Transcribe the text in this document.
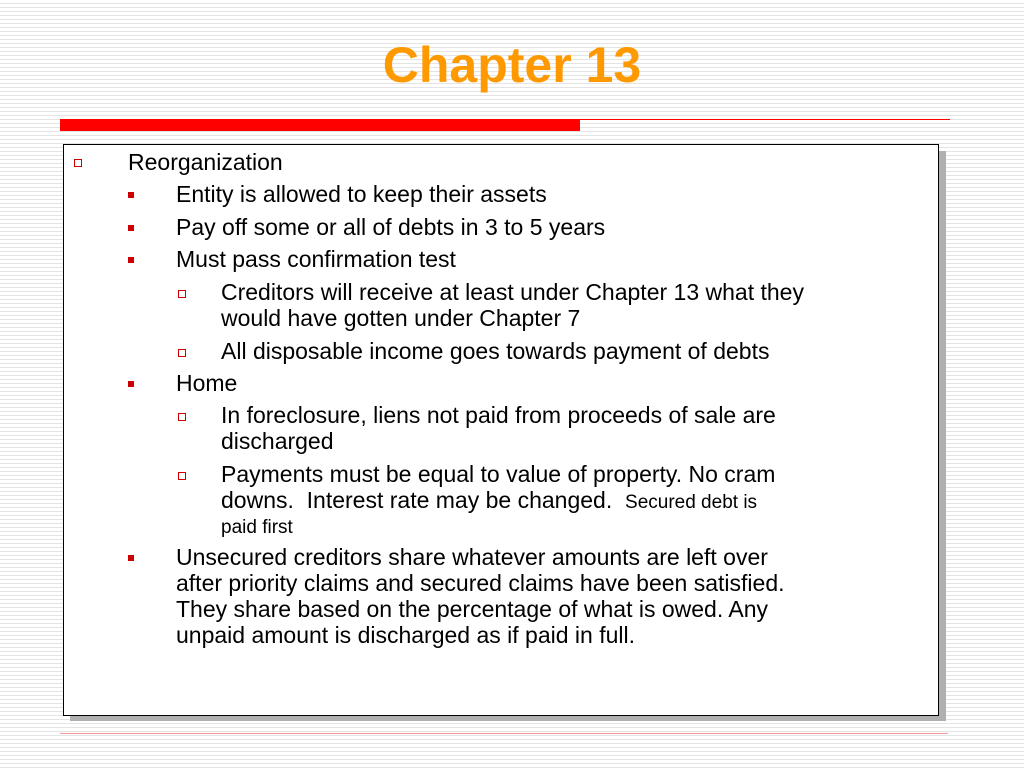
Chapter 13
Reorganization
Entity is allowed to keep their assets
Pay off some or all of debts in 3 to 5 years
Must pass confirmation test
Creditors will receive at least under Chapter 13 what they
would have gotten under Chapter 7
All disposable income goes towards payment of debts
Home
In foreclosure, liens not paid from proceeds of sale are
discharged
Payments must be equal to value of property. No cram
downs.  Interest rate may be changed.  Secured debt is
paid first
Unsecured creditors share whatever amounts are left over
after priority claims and secured claims have been satisfied.
They share based on the percentage of what is owed. Any
unpaid amount is discharged as if paid in full.
